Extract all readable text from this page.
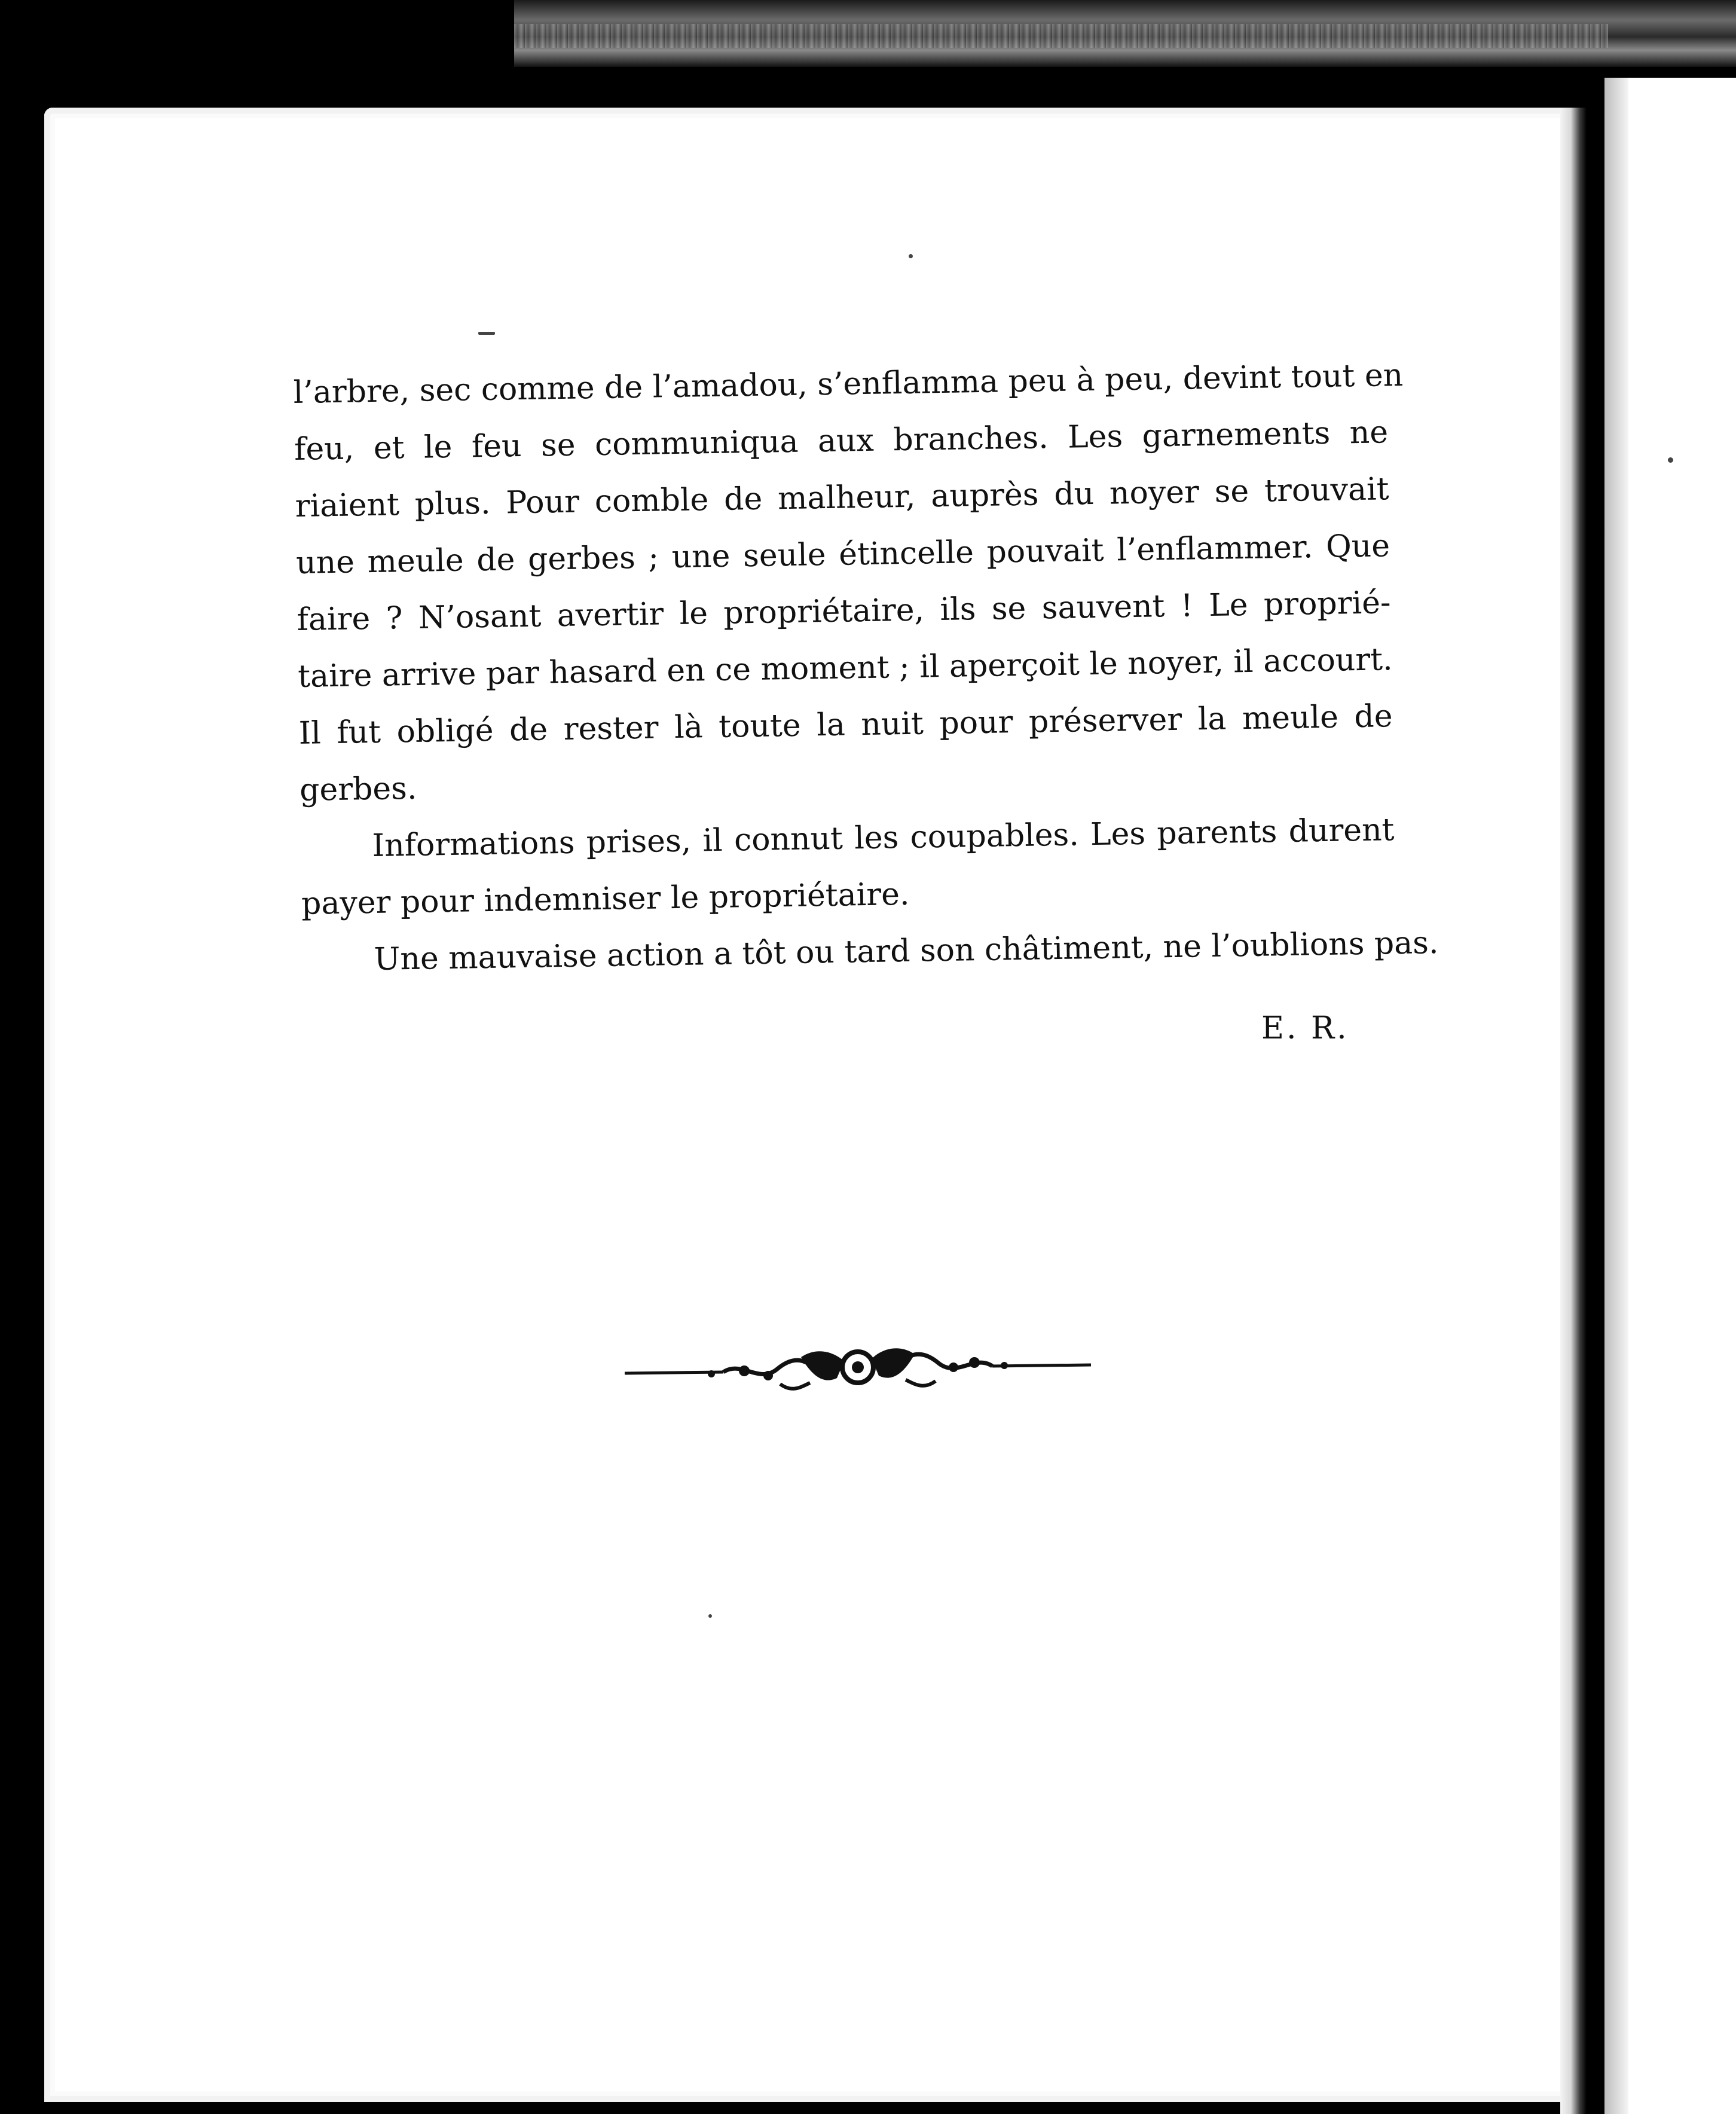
l’arbre, sec comme de l’amadou, s’enflamma peu à peu, devint tout en
feu, et le feu se communiqua aux branches. Les garnements ne
riaient plus. Pour comble de malheur, auprès du noyer se trouvait
une meule de gerbes ; une seule étincelle pouvait l’enflammer. Que
faire ? N’osant avertir le propriétaire, ils se sauvent ! Le proprié-
taire arrive par hasard en ce moment ; il aperçoit le noyer, il accourt.
Il fut obligé de rester là toute la nuit pour préserver la meule de
gerbes.

Informations prises, il connut les coupables. Les parents durent
payer pour indemniser le propriétaire.

Une mauvaise action a tôt ou tard son châtiment, ne l’oublions pas.

E. R.
